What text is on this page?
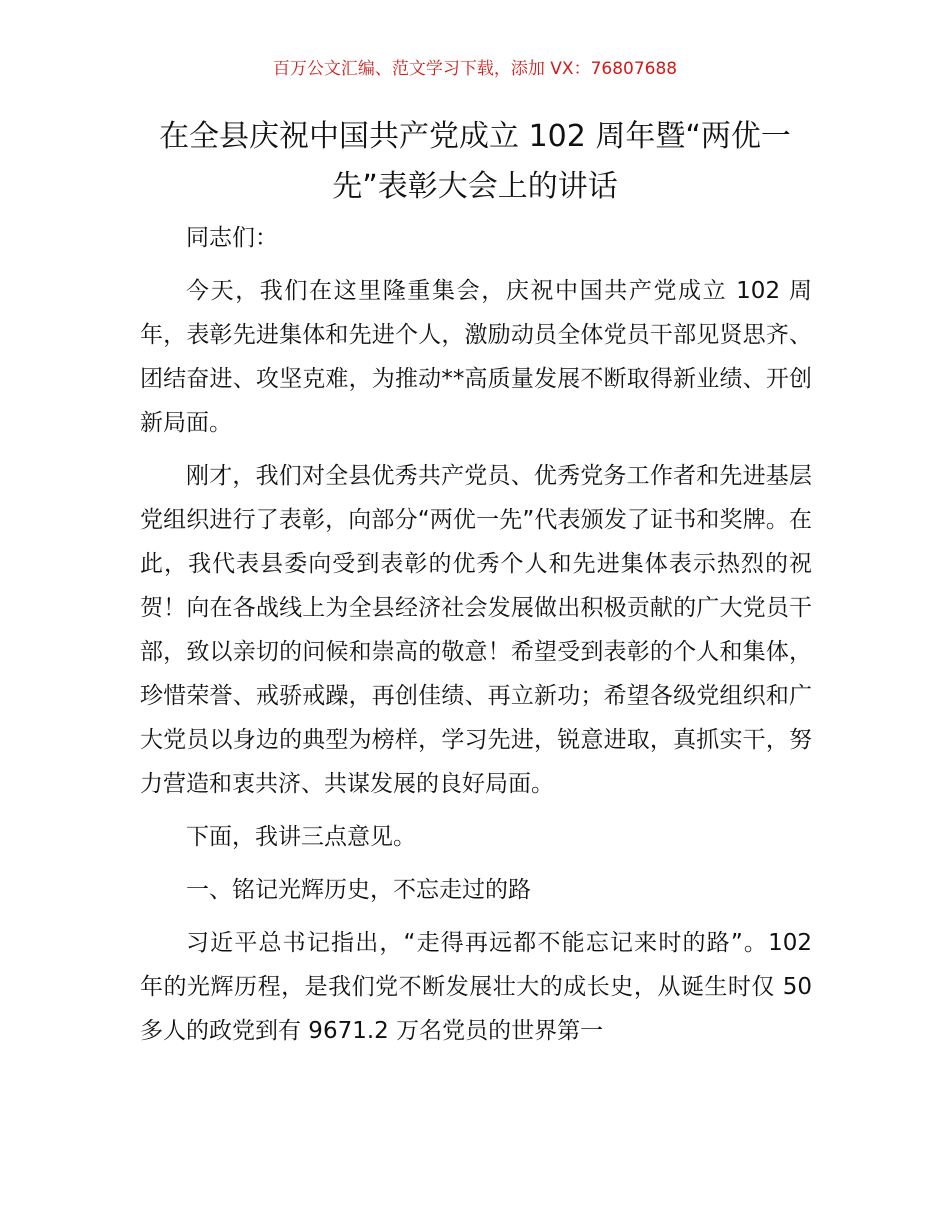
百万公文汇编、范文学习下载，添加 VX：76807688
在全县庆祝中国共产党成立 102 周年暨“两优一先”表彰大会上的讲话

同志们：

今天，我们在这里隆重集会，庆祝中国共产党成立 102 周年，表彰先进集体和先进个人，激励动员全体党员干部见贤思齐、团结奋进、攻坚克难，为推动**高质量发展不断取得新业绩、开创新局面。

刚才，我们对全县优秀共产党员、优秀党务工作者和先进基层党组织进行了表彰，向部分“两优一先”代表颁发了证书和奖牌。在此，我代表县委向受到表彰的优秀个人和先进集体表示热烈的祝贺！向在各战线上为全县经济社会发展做出积极贡献的广大党员干部，致以亲切的问候和崇高的敬意！希望受到表彰的个人和集体，珍惜荣誉、戒骄戒躁，再创佳绩、再立新功；希望各级党组织和广大党员以身边的典型为榜样，学习先进，锐意进取，真抓实干，努力营造和衷共济、共谋发展的良好局面。

下面，我讲三点意见。

一、铭记光辉历史，不忘走过的路

习近平总书记指出，“走得再远都不能忘记来时的路”。102 年的光辉历程，是我们党不断发展壮大的成长史，从诞生时仅 50 多人的政党到有 9671.2 万名党员的世界第一
